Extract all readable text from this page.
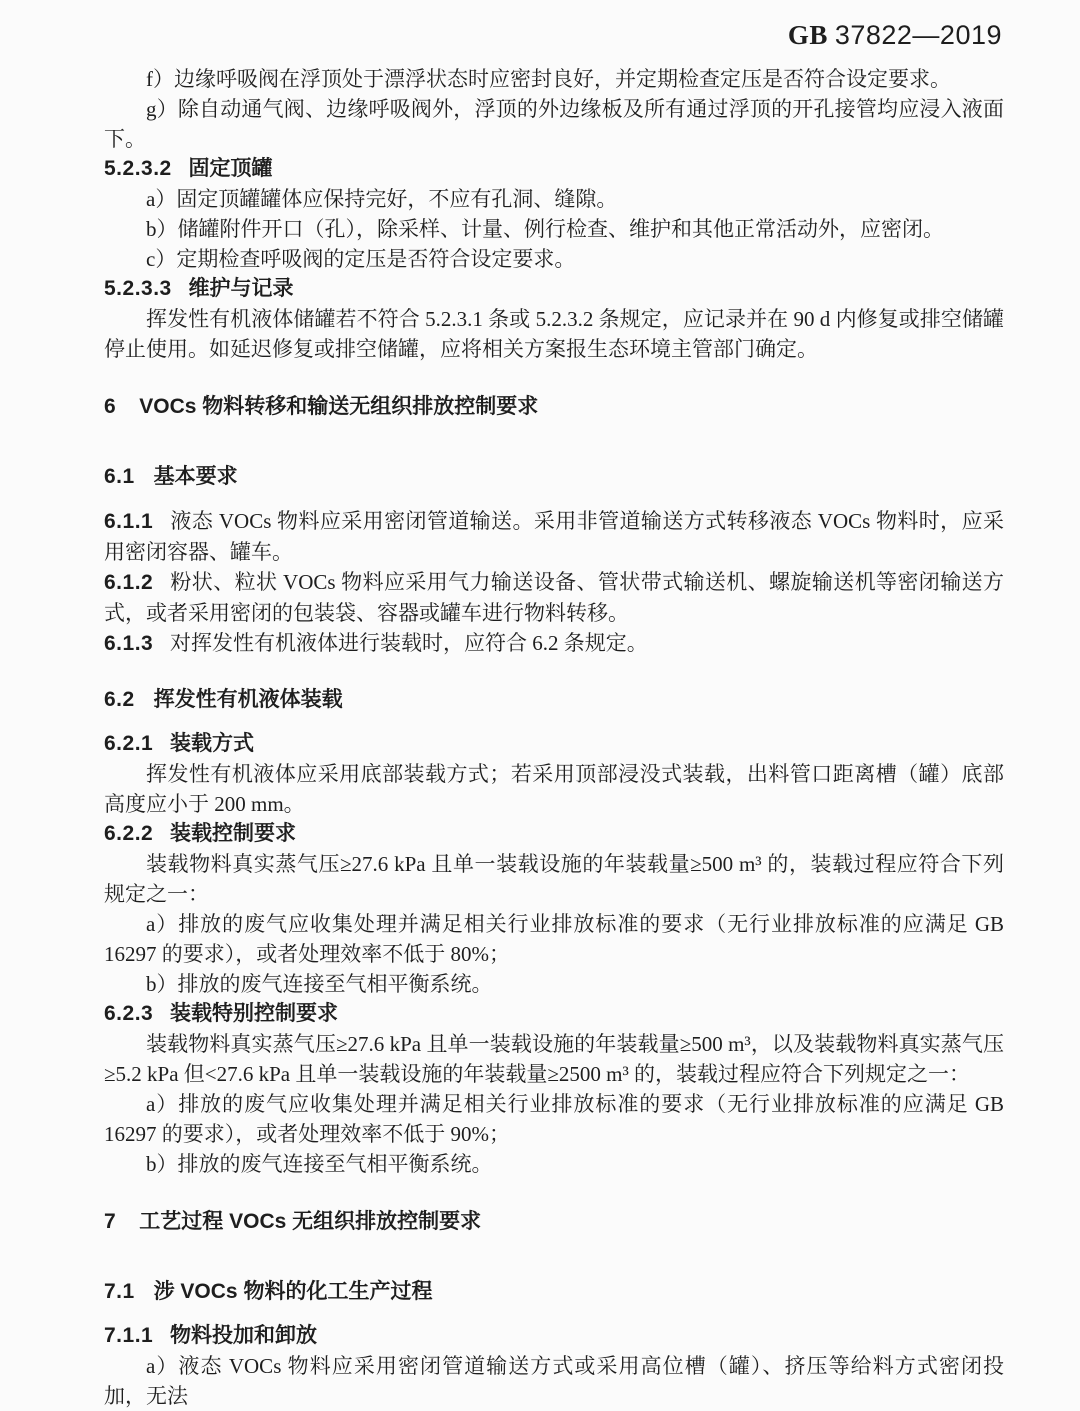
GB 37822—2019

f）边缘呼吸阀在浮顶处于漂浮状态时应密封良好，并定期检查定压是否符合设定要求。

g）除自动通气阀、边缘呼吸阀外，浮顶的外边缘板及所有通过浮顶的开孔接管均应浸入液面下。

5.2.3.2 固定顶罐

a）固定顶罐罐体应保持完好，不应有孔洞、缝隙。

b）储罐附件开口（孔），除采样、计量、例行检查、维护和其他正常活动外，应密闭。

c）定期检查呼吸阀的定压是否符合设定要求。

5.2.3.3 维护与记录

挥发性有机液体储罐若不符合 5.2.3.1 条或 5.2.3.2 条规定，应记录并在 90 d 内修复或排空储罐停止使用。如延迟修复或排空储罐，应将相关方案报生态环境主管部门确定。

6 VOCs 物料转移和输送无组织排放控制要求

6.1 基本要求

6.1.1 液态 VOCs 物料应采用密闭管道输送。采用非管道输送方式转移液态 VOCs 物料时，应采用密闭容器、罐车。

6.1.2 粉状、粒状 VOCs 物料应采用气力输送设备、管状带式输送机、螺旋输送机等密闭输送方式，或者采用密闭的包装袋、容器或罐车进行物料转移。

6.1.3 对挥发性有机液体进行装载时，应符合 6.2 条规定。

6.2 挥发性有机液体装载

6.2.1 装载方式

挥发性有机液体应采用底部装载方式；若采用顶部浸没式装载，出料管口距离槽（罐）底部高度应小于 200 mm。

6.2.2 装载控制要求

装载物料真实蒸气压≥27.6 kPa 且单一装载设施的年装载量≥500 m³ 的，装载过程应符合下列规定之一：

a）排放的废气应收集处理并满足相关行业排放标准的要求（无行业排放标准的应满足 GB 16297 的要求），或者处理效率不低于 80%；

b）排放的废气连接至气相平衡系统。

6.2.3 装载特别控制要求

装载物料真实蒸气压≥27.6 kPa 且单一装载设施的年装载量≥500 m³，以及装载物料真实蒸气压≥5.2 kPa 但<27.6 kPa 且单一装载设施的年装载量≥2500 m³ 的，装载过程应符合下列规定之一：

a）排放的废气应收集处理并满足相关行业排放标准的要求（无行业排放标准的应满足 GB 16297 的要求），或者处理效率不低于 90%；

b）排放的废气连接至气相平衡系统。

7 工艺过程 VOCs 无组织排放控制要求

7.1 涉 VOCs 物料的化工生产过程

7.1.1 物料投加和卸放

a）液态 VOCs 物料应采用密闭管道输送方式或采用高位槽（罐）、挤压等给料方式密闭投加，无法
